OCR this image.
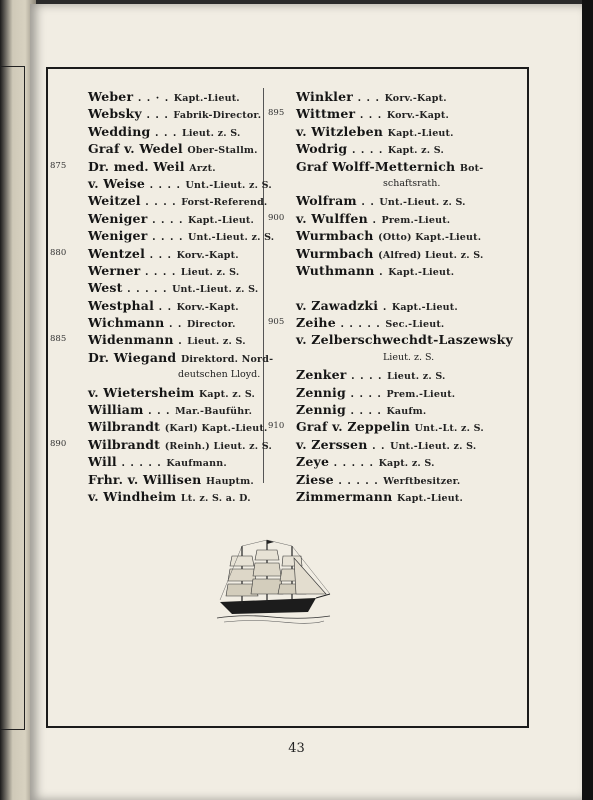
Weber . . · . Kapt.-Lieut.
Websky . . . Fabrik-Director.
Wedding . . . Lieut. z. S.
Graf v. Wedel Ober-Stallm.
875	Dr. med. Weil Arzt.
v. Weise . . . . Unt.-Lieut. z. S.
Weitzel . . . . Forst-Referend.
Weniger . . . . Kapt.-Lieut.
Weniger . . . . Unt.-Lieut. z. S.
880	Wentzel . . . Korv.-Kapt.
Werner . . . . Lieut. z. S.
West . . . . . Unt.-Lieut. z. S.
Westphal . . Korv.-Kapt.
Wichmann . . Director.
885	Widenmann . Lieut. z. S.
Dr. Wiegand Direktord. Nord-
deutschen Lloyd.
v. Wietersheim Kapt. z. S.
William . . . Mar.-Bauführ.
Wilbrandt (Karl) Kapt.-Lieut.
890	Wilbrandt (Reinh.) Lieut. z. S.
Will . . . . . Kaufmann.
Frhr. v. Willisen Hauptm.
v. Windheim Lt. z. S. a. D.
Winkler . . . Korv.-Kapt.
895 Wittmer . . . Korv.-Kapt.
v. Witzleben Kapt.-Lieut.
Wodrig . . . . Kapt. z. S.
Graf Wolff-Metternich Bot-
schaftsrath.
Wolfram . . Unt.-Lieut. z. S.
900 v. Wulffen . Prem.-Lieut.
Wurmbach (Otto) Kapt.-Lieut.
Wurmbach (Alfred) Lieut. z. S.
Wuthmann . Kapt.-Lieut.
v. Zawadzki . Kapt.-Lieut.
905 Zeihe . . . . . Sec.-Lieut.
v. Zelberschwechdt-Laszewsky
Lieut. z. S.
Zenker . . . . Lieut. z. S.
Zennig . . . . Prem.-Lieut.
Zennig . . . . Kaufm.
910 Graf v. Zeppelin Unt.-Lt. z. S.
v. Zerssen . . Unt.-Lieut. z. S.
Zeye . . . . . Kapt. z. S.
Ziese . . . . . Werftbesitzer.
Zimmermann Kapt.-Lieut.
43
